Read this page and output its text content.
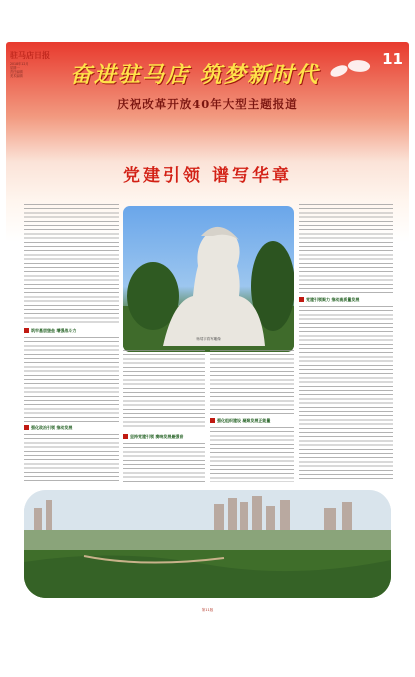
驻马店日报
2018年12月
星期一
责任编辑
美术编辑	奋进驻马店 筑梦新时代
11
庆祝改革开放40年大型主题报道
党建引领 谱写华章
杨靖宇将军雕像
党建引领聚力 推动高质量发展
筑牢基层堡垒 增强战斗力
强化政治引领 推动发展
强化组织建设 凝聚发展正能量
坚持党建引领 奏响发展最强音
第11版
